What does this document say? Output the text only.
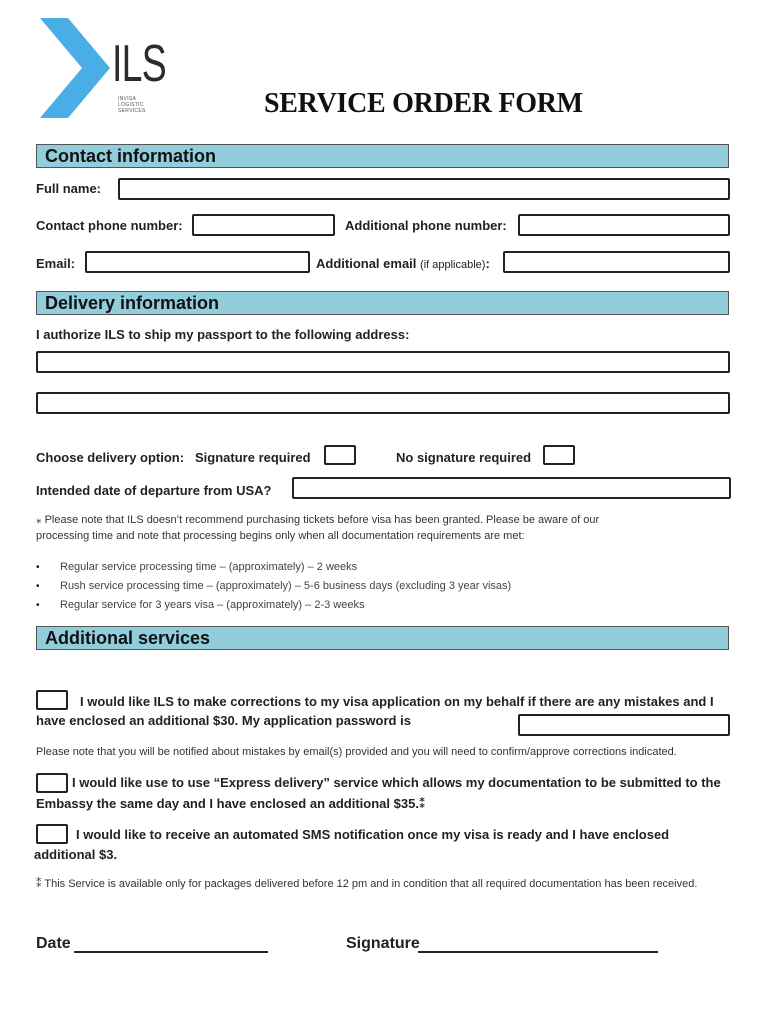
ILS
INVISA LOGISTIC SERVICES	SERVICE ORDER FORM
Contact information
Full name:
Contact phone number:	Additional phone number:
Email:	Additional email (if applicable):
Delivery information
I authorize ILS to ship my passport to the following address:
Choose delivery option: Signature required	No signature required
Intended date of departure from USA?
⁎ Please note that ILS doesn’t recommend purchasing tickets before visa has been granted. Please be aware of our
processing time and note that processing begins only when all documentation requirements are met:
• Regular service processing time – (approximately) – 2 weeks
• Rush service processing time – (approximately) – 5-6 business days (excluding 3 year visas)
• Regular service for 3 years visa – (approximately) – 2-3 weeks
Additional services
I would like ILS to make corrections to my visa application on my behalf if there are any mistakes and I
have enclosed an additional $30. My application password is
Please note that you will be notified about mistakes by email(s) provided and you will need to confirm/approve corrections indicated.
I would like use to use “Express delivery” service which allows my documentation to be submitted to the
Embassy the same day and I have enclosed an additional $35.⁑
I would like to receive an automated SMS notification once my visa is ready and I have enclosed
additional $3.
⁑ This Service is available only for packages delivered before 12 pm and in condition that all required documentation has been received.
Date	Signature
